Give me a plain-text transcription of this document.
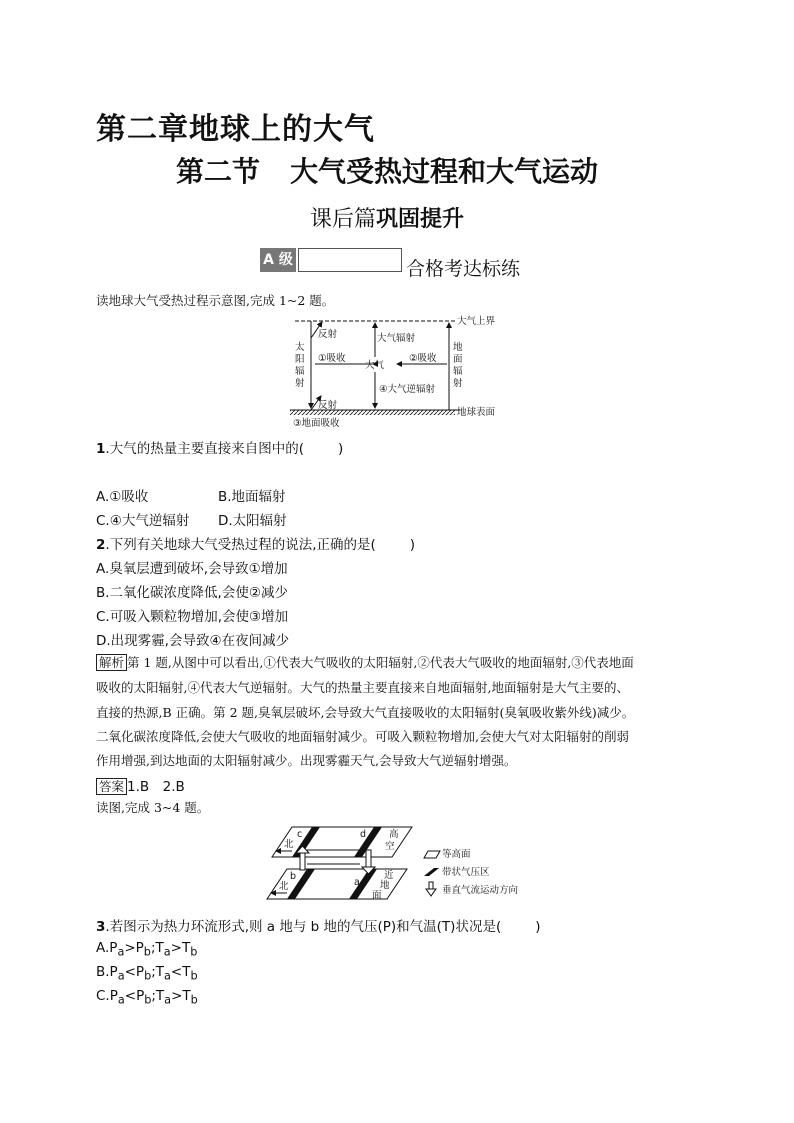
第二章地球上的大气
第二节 大气受热过程和大气运动
课后篇巩固提升
A 级	合格考达标练
读地球大气受热过程示意图,完成 1~2 题。
反射
反射
①吸收	②吸收
大气辐射
④大气逆辐射
大气
大气上界
地球表面
③地面吸收
太
阳
辐
射
地
面
辐
射
1.大气的热量主要直接来自图中的(	)
A.①吸收	B.地面辐射
C.④大气逆辐射 D.太阳辐射
2.下列有关地球大气受热过程的说法,正确的是(	)
A.臭氧层遭到破坏,会导致①增加
B.二氧化碳浓度降低,会使②减少
C.可吸入颗粒物增加,会使③增加
D.出现雾霾,会导致④在夜间减少
解析 第 1 题,从图中可以看出,①代表大气吸收的太阳辐射,②代表大气吸收的地面辐射,③代表地面
吸收的太阳辐射,④代表大气逆辐射。大气的热量主要直接来自地面辐射,地面辐射是大气主要的、
直接的热源,B 正确。第 2 题,臭氧层破坏,会导致大气直接吸收的太阳辐射(臭氧吸收紫外线)减少。
二氧化碳浓度降低,会使大气吸收的地面辐射减少。可吸入颗粒物增加,会使大气对太阳辐射的削弱
作用增强,到达地面的太阳辐射减少。出现雾霾天气,会导致大气逆辐射增强。
答案 1.B　2.B
读图,完成 3~4 题。
北
北
c	d
b
a
高
空
近
地
面
等高面
带状气压区
垂直气流运动方向
3.若图示为热力环流形式,则 a 地与 b 地的气压(P)和气温(T)状况是(	)
$A.P_a>P_b;T_a>T_b$
$B.P_a<P_b;T_a<T_b$
$C.P_a<P_b;T_a>T_b$
